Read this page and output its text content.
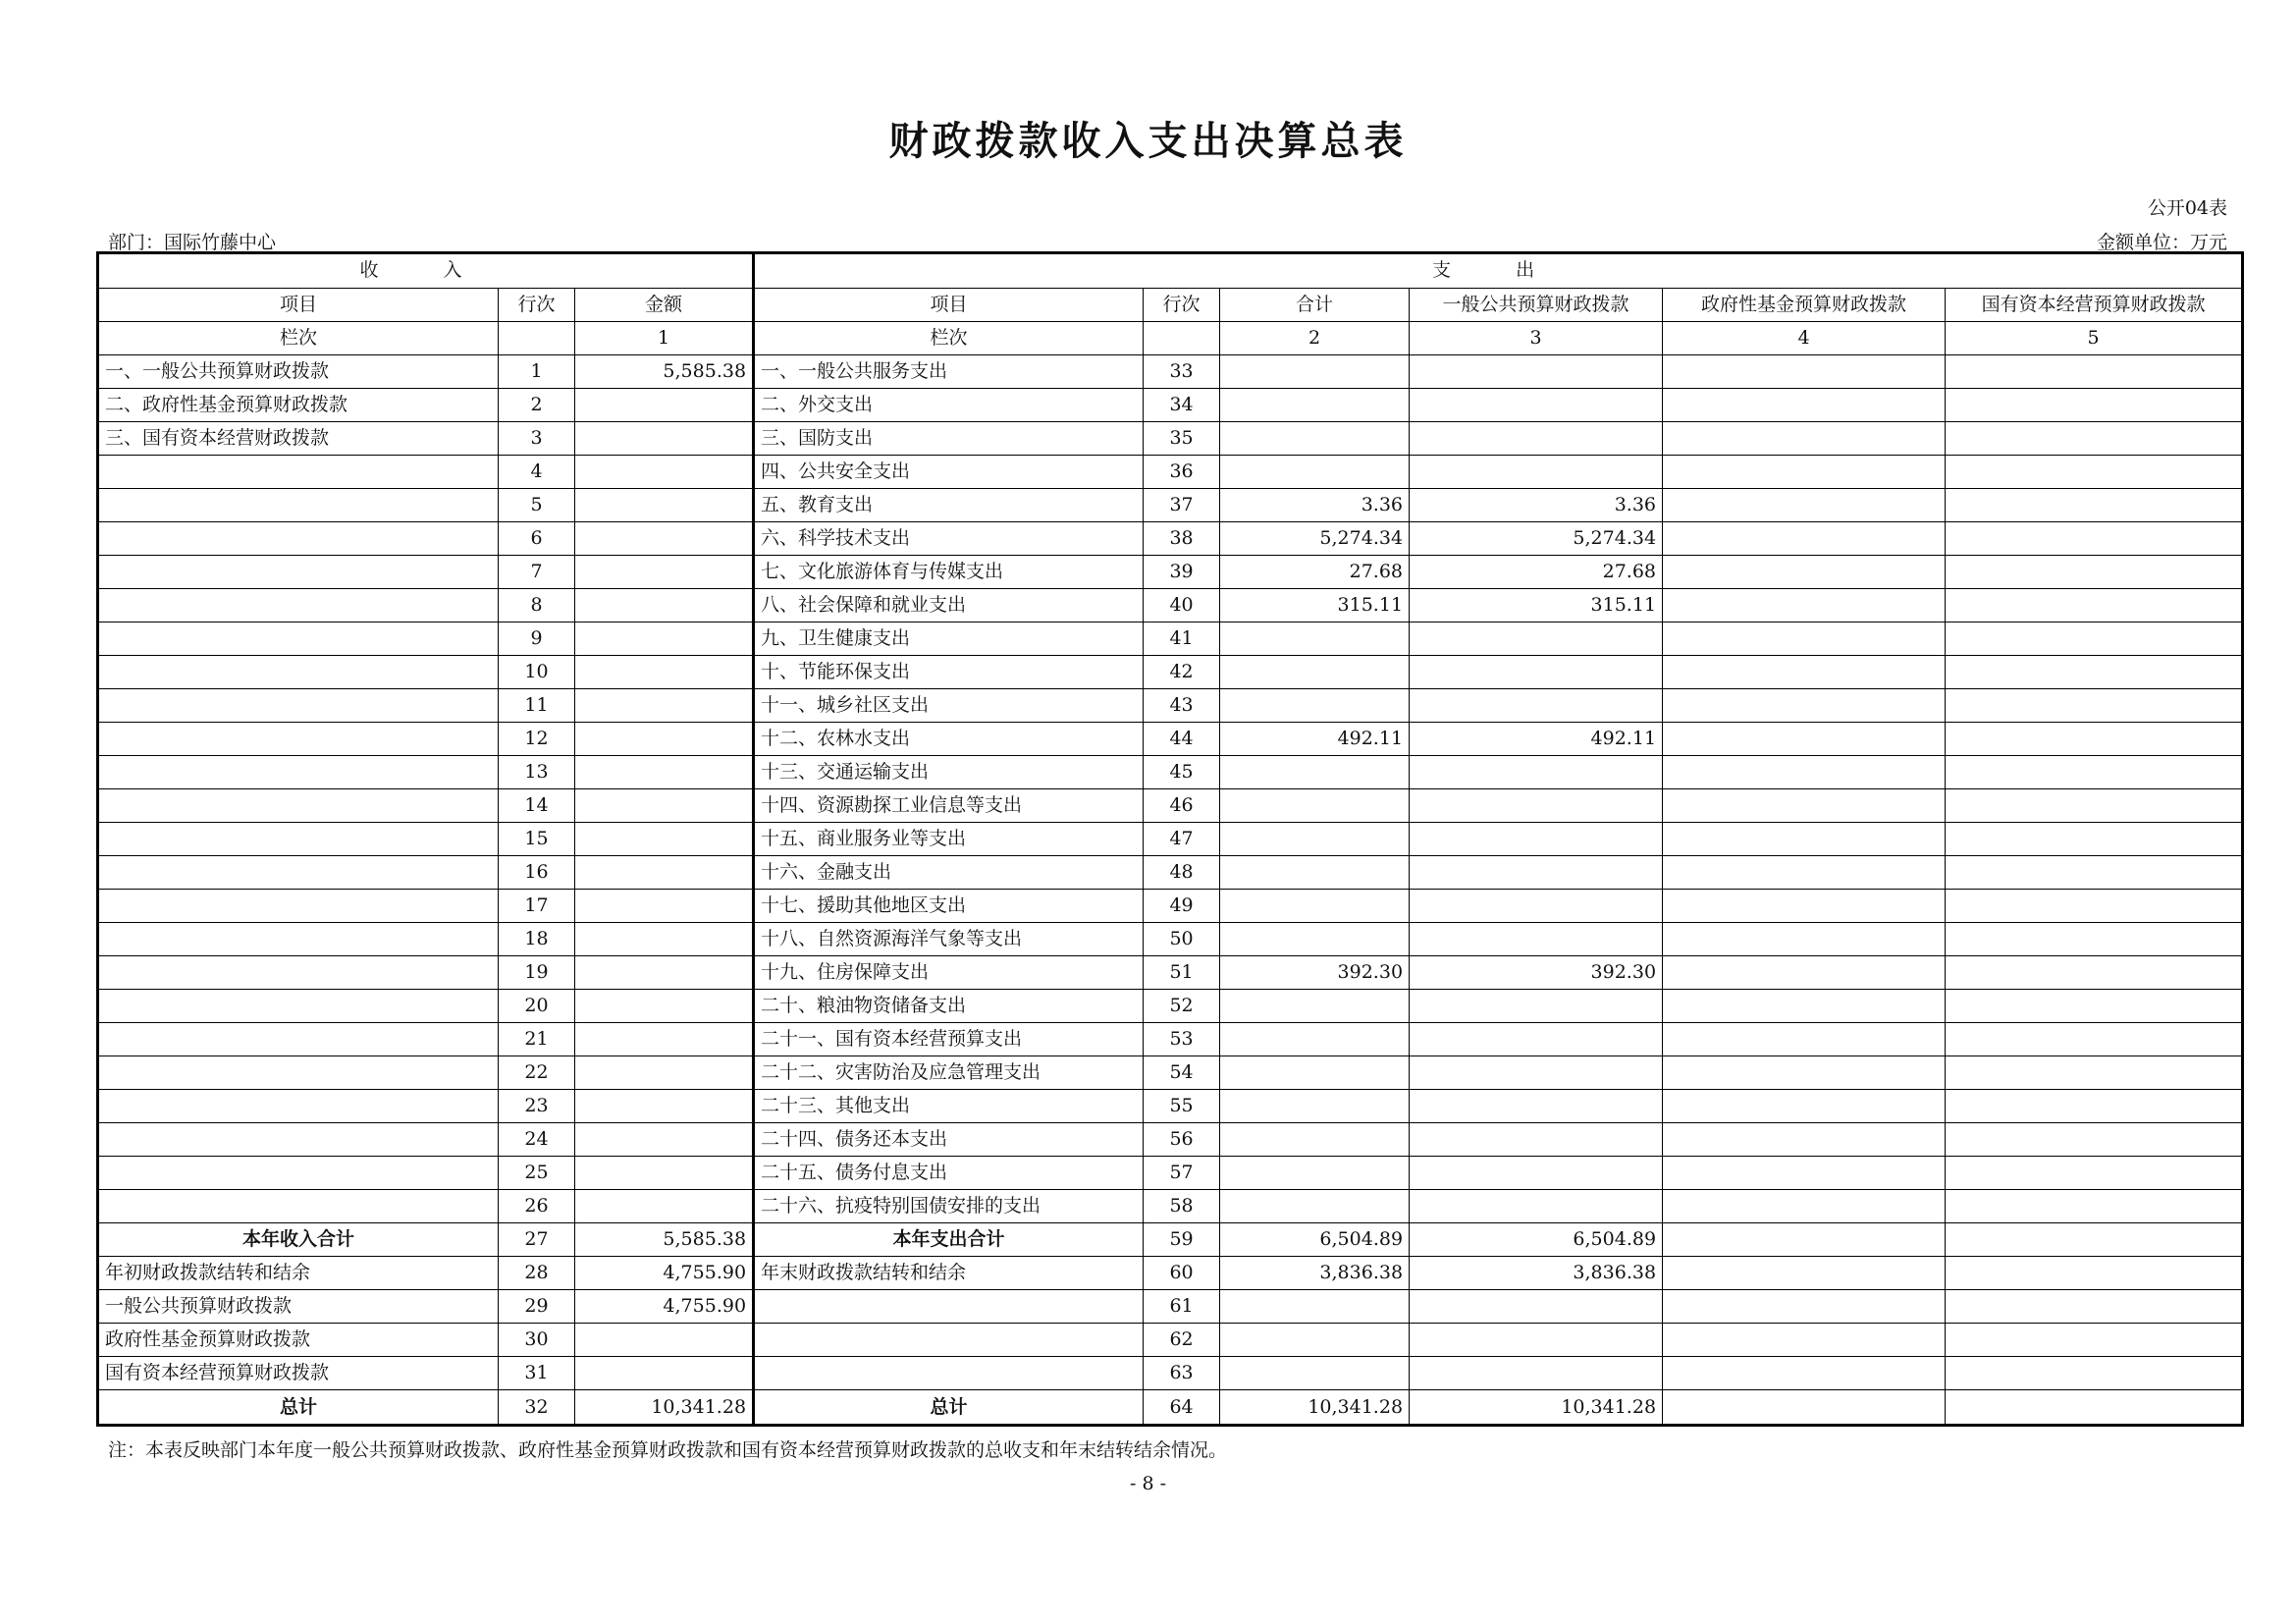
财政拨款收入支出决算总表
公开04表
部门：国际竹藤中心	金额单位：万元
收 入			支 出					
项目	行次	金额	项目	行次	合计	一般公共预算财政拨款	政府性基金预算财政拨款	国有资本经营预算财政拨款
栏次		1	栏次		2	3	4	5
一、一般公共预算财政拨款	1	5,585.38	一、一般公共服务支出	33				
二、政府性基金预算财政拨款	2		二、外交支出	34				
三、国有资本经营财政拨款	3		三、国防支出	35				
	4		四、公共安全支出	36				
	5		五、教育支出	37	3.36	3.36		
	6		六、科学技术支出	38	5,274.34	5,274.34		
	7		七、文化旅游体育与传媒支出	39	27.68	27.68		
	8		八、社会保障和就业支出	40	315.11	315.11		
	9		九、卫生健康支出	41				
	10		十、节能环保支出	42				
	11		十一、城乡社区支出	43				
	12		十二、农林水支出	44	492.11	492.11		
	13		十三、交通运输支出	45				
	14		十四、资源勘探工业信息等支出	46				
	15		十五、商业服务业等支出	47				
	16		十六、金融支出	48				
	17		十七、援助其他地区支出	49				
	18		十八、自然资源海洋气象等支出	50				
	19		十九、住房保障支出	51	392.30	392.30		
	20		二十、粮油物资储备支出	52				
	21		二十一、国有资本经营预算支出	53				
	22		二十二、灾害防治及应急管理支出	54				
	23		二十三、其他支出	55				
	24		二十四、债务还本支出	56				
	25		二十五、债务付息支出	57				
	26		二十六、抗疫特别国债安排的支出	58				
本年收入合计	27	5,585.38	本年支出合计	59	6,504.89	6,504.89		
年初财政拨款结转和结余	28	4,755.90	年末财政拨款结转和结余	60	3,836.38	3,836.38		
一般公共预算财政拨款	29	4,755.90		61				
政府性基金预算财政拨款	30			62				
国有资本经营预算财政拨款	31			63				
总计	32	10,341.28	总计	64	10,341.28	10,341.28		
注：本表反映部门本年度一般公共预算财政拨款、政府性基金预算财政拨款和国有资本经营预算财政拨款的总收支和年末结转结余情况。
- 8 -
